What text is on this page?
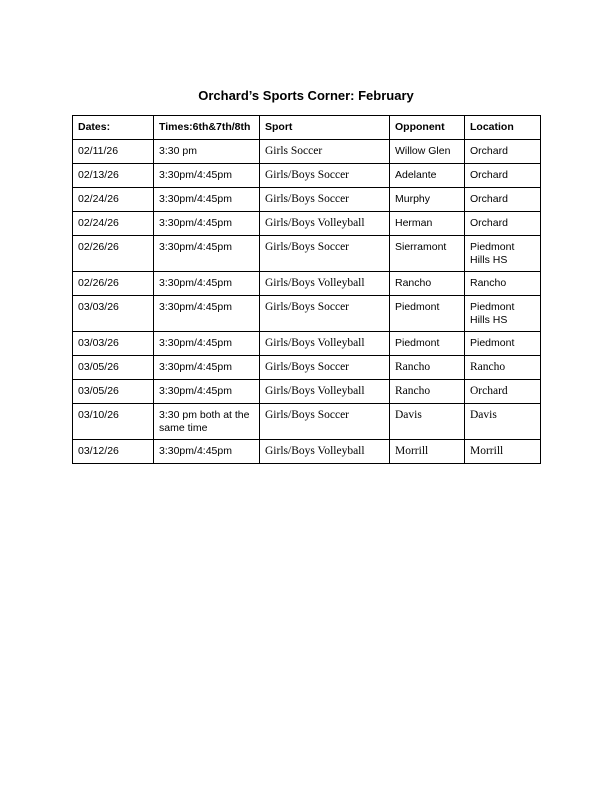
Orchard’s Sports Corner: February
Dates:	Times:6th&7th/8th	Sport	Opponent	Location
02/11/26	3:30 pm	Girls Soccer	Willow Glen	Orchard
02/13/26	3:30pm/4:45pm	Girls/Boys Soccer	Adelante	Orchard
02/24/26	3:30pm/4:45pm	Girls/Boys Soccer	Murphy	Orchard
02/24/26	3:30pm/4:45pm	Girls/Boys Volleyball	Herman	Orchard
02/26/26	3:30pm/4:45pm	Girls/Boys Soccer	Sierramont	Piedmont Hills HS
02/26/26	3:30pm/4:45pm	Girls/Boys Volleyball	Rancho	Rancho
03/03/26	3:30pm/4:45pm	Girls/Boys Soccer	Piedmont	Piedmont Hills HS
03/03/26	3:30pm/4:45pm	Girls/Boys Volleyball	Piedmont	Piedmont
03/05/26	3:30pm/4:45pm	Girls/Boys Soccer	Rancho	Rancho
03/05/26	3:30pm/4:45pm	Girls/Boys Volleyball	Rancho	Orchard
03/10/26	3:30 pm both at the same time	Girls/Boys Soccer	Davis	Davis
03/12/26	3:30pm/4:45pm	Girls/Boys Volleyball	Morrill	Morrill
